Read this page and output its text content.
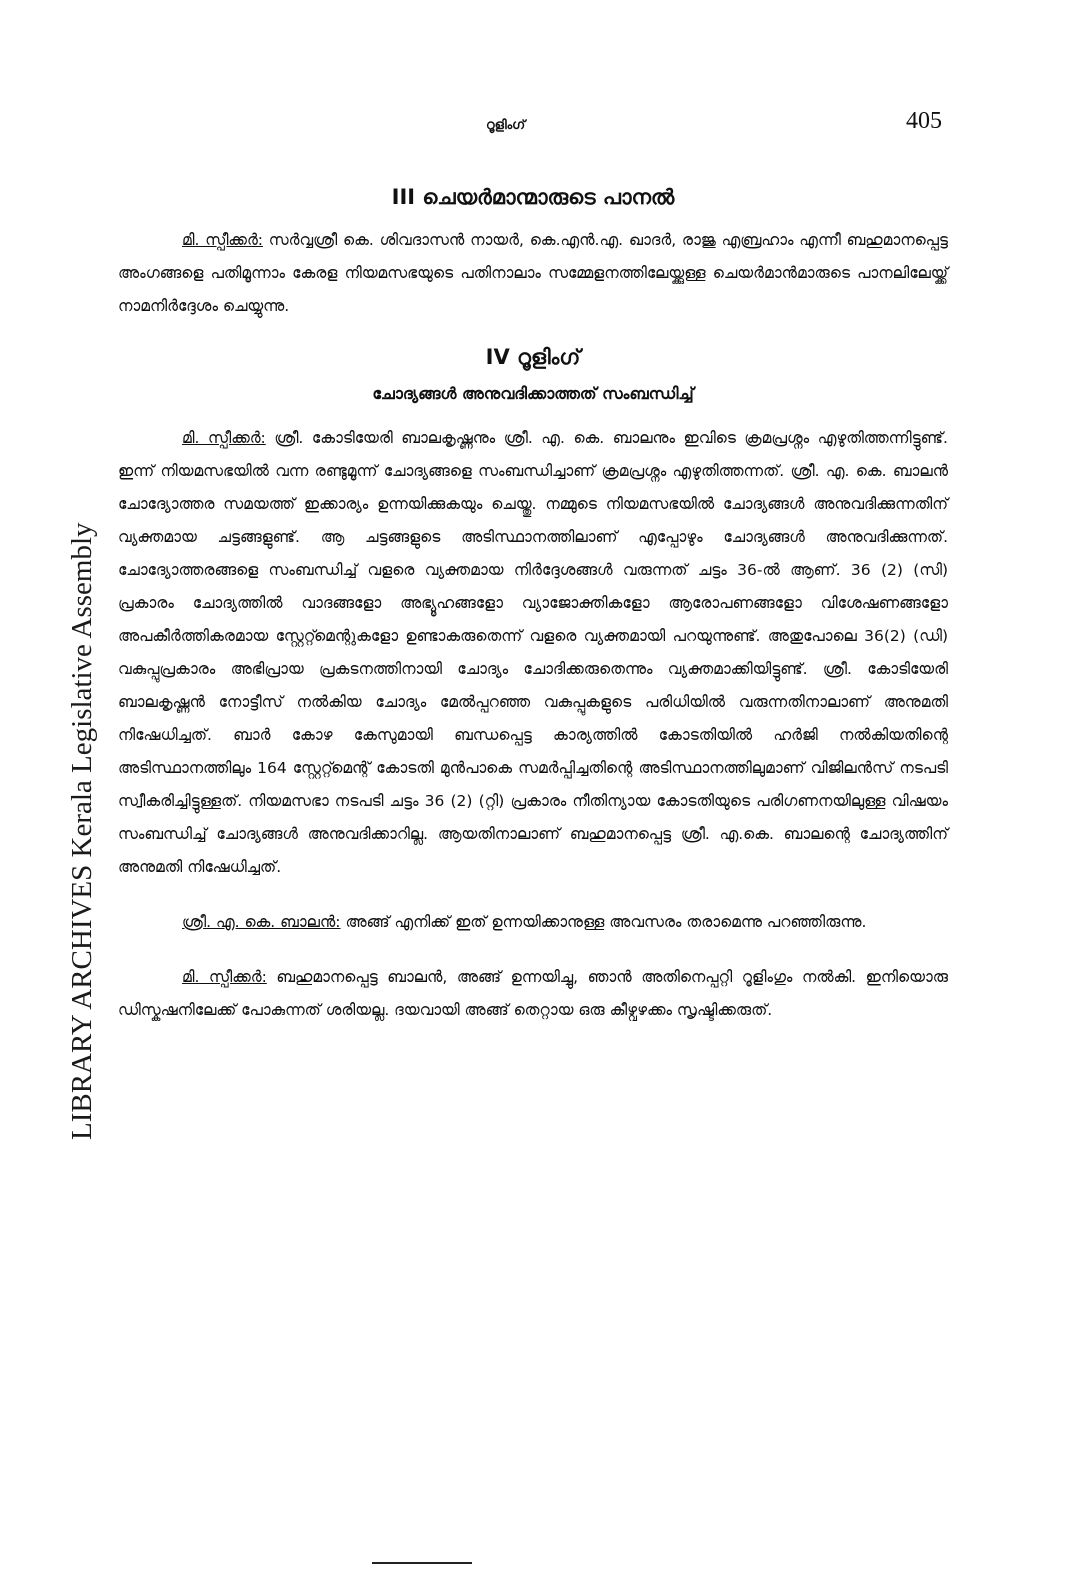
റൂളിംഗ്	405
LIBRARY ARCHIVES Kerala Legislative Assembly
III ചെയർമാന്മാരുടെ പാനൽ

മി. സ്പീക്കർ: സർവ്വശ്രീ കെ. ശിവദാസൻ നായർ, കെ.എൻ.എ. ഖാദർ, രാജു എബ്രഹാം എന്നീ ബഹുമാനപ്പെട്ട അംഗങ്ങളെ പതിമൂന്നാം കേരള നിയമസഭയുടെ പതിനാലാം സമ്മേളനത്തിലേയ്ക്കുള്ള ചെയർമാൻമാരുടെ പാനലിലേയ്ക്ക് നാമനിർദ്ദേശം ചെയ്യുന്നു.

IV റൂളിംഗ്
ചോദ്യങ്ങൾ അനുവദിക്കാത്തത് സംബന്ധിച്ച്

മി. സ്പീക്കർ: ശ്രീ. കോടിയേരി ബാലകൃഷ്ണനും ശ്രീ. എ. കെ. ബാലനും ഇവിടെ ക്രമപ്രശ്നം എഴുതിത്തന്നിട്ടുണ്ട്. ഇന്ന് നിയമസഭയിൽ വന്ന രണ്ടുമൂന്ന് ചോദ്യങ്ങളെ സംബന്ധിച്ചാണ് ക്രമപ്രശ്നം എഴുതിത്തന്നത്. ശ്രീ. എ. കെ. ബാലൻ ചോദ്യോത്തര സമയത്ത് ഇക്കാര്യം ഉന്നയിക്കുകയും ചെയ്തു. നമ്മുടെ നിയമസഭയിൽ ചോദ്യങ്ങൾ അനുവദിക്കുന്നതിന് വ്യക്തമായ ചട്ടങ്ങളുണ്ട്. ആ ചട്ടങ്ങളുടെ അടിസ്ഥാനത്തിലാണ് എപ്പോഴും ചോദ്യങ്ങൾ അനുവദിക്കുന്നത്. ചോദ്യോത്തരങ്ങളെ സംബന്ധിച്ച് വളരെ വ്യക്തമായ നിർദ്ദേശങ്ങൾ വരുന്നത് ചട്ടം 36-ൽ ആണ്. 36 (2) (സി) പ്രകാരം ചോദ്യത്തിൽ വാദങ്ങളോ അഭ്യൂഹങ്ങളോ വ്യാജോക്തികളോ ആരോപണങ്ങളോ വിശേഷണങ്ങളോ അപകീർത്തികരമായ സ്റ്റേറ്റ്മെന്റുകളോ ഉണ്ടാകരുതെന്ന് വളരെ വ്യക്തമായി പറയുന്നുണ്ട്. അതുപോലെ 36(2) (ഡി) വകുപ്പുപ്രകാരം അഭിപ്രായ പ്രകടനത്തിനായി ചോദ്യം ചോദിക്കരുതെന്നും വ്യക്തമാക്കിയിട്ടുണ്ട്. ശ്രീ. കോടിയേരി ബാലകൃഷ്ണൻ നോട്ടീസ് നൽകിയ ചോദ്യം മേൽപ്പറഞ്ഞ വകുപ്പുകളുടെ പരിധിയിൽ വരുന്നതിനാലാണ് അനുമതി നിഷേധിച്ചത്. ബാർ കോഴ കേസുമായി ബന്ധപ്പെട്ട കാര്യത്തിൽ കോടതിയിൽ ഹർജി നൽകിയതിന്റെ അടിസ്ഥാനത്തിലും 164 സ്റ്റേറ്റ്മെന്റ് കോടതി മുൻപാകെ സമർപ്പിച്ചതിന്റെ അടിസ്ഥാനത്തിലുമാണ് വിജിലൻസ് നടപടി സ്വീകരിച്ചിട്ടുള്ളത്. നിയമസഭാ നടപടി ചട്ടം 36 (2) (റ്റി) പ്രകാരം നീതിന്യായ കോടതിയുടെ പരിഗണനയിലുള്ള വിഷയം സംബന്ധിച്ച് ചോദ്യങ്ങൾ അനുവദിക്കാറില്ല. ആയതിനാലാണ് ബഹുമാനപ്പെട്ട ശ്രീ. എ.കെ. ബാലന്റെ ചോദ്യത്തിന് അനുമതി നിഷേധിച്ചത്.

ശ്രീ. എ. കെ. ബാലൻ: അങ്ങ് എനിക്ക് ഇത് ഉന്നയിക്കാനുള്ള അവസരം തരാമെന്നു പറഞ്ഞിരുന്നു.

മി. സ്പീക്കർ: ബഹുമാനപ്പെട്ട ബാലൻ, അങ്ങ് ഉന്നയിച്ചു, ഞാൻ അതിനെപ്പറ്റി റൂളിംഗും നൽകി. ഇനിയൊരു ഡിസ്കഷനിലേക്ക് പോകുന്നത് ശരിയല്ല. ദയവായി അങ്ങ് തെറ്റായ ഒരു കീഴ്വഴക്കം സൃഷ്ടിക്കരുത്.
